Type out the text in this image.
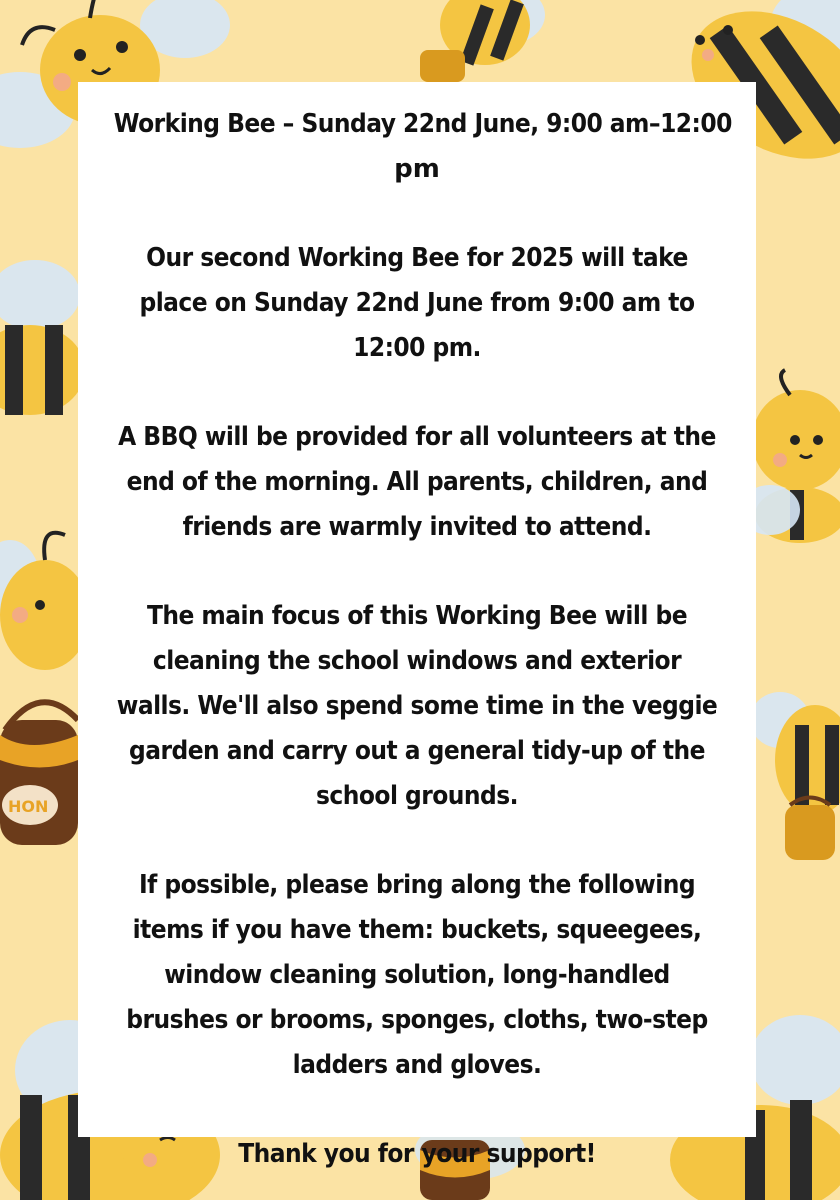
HON

Working Bee – Sunday 22nd June, 9:00 am–12:00

pm

Our second Working Bee for 2025 will take place on Sunday 22nd June from 9:00 am to 12:00 pm.

A BBQ will be provided for all volunteers at the end of the morning. All parents, children, and friends are warmly invited to attend.

The main focus of this Working Bee will be cleaning the school windows and exterior walls. We'll also spend some time in the veggie garden and carry out a general tidy-up of the school grounds.

If possible, please bring along the following items if you have them: buckets, squeegees, window cleaning solution, long-handled brushes or brooms, sponges, cloths, two-step ladders and gloves.

Thank you for your support!
